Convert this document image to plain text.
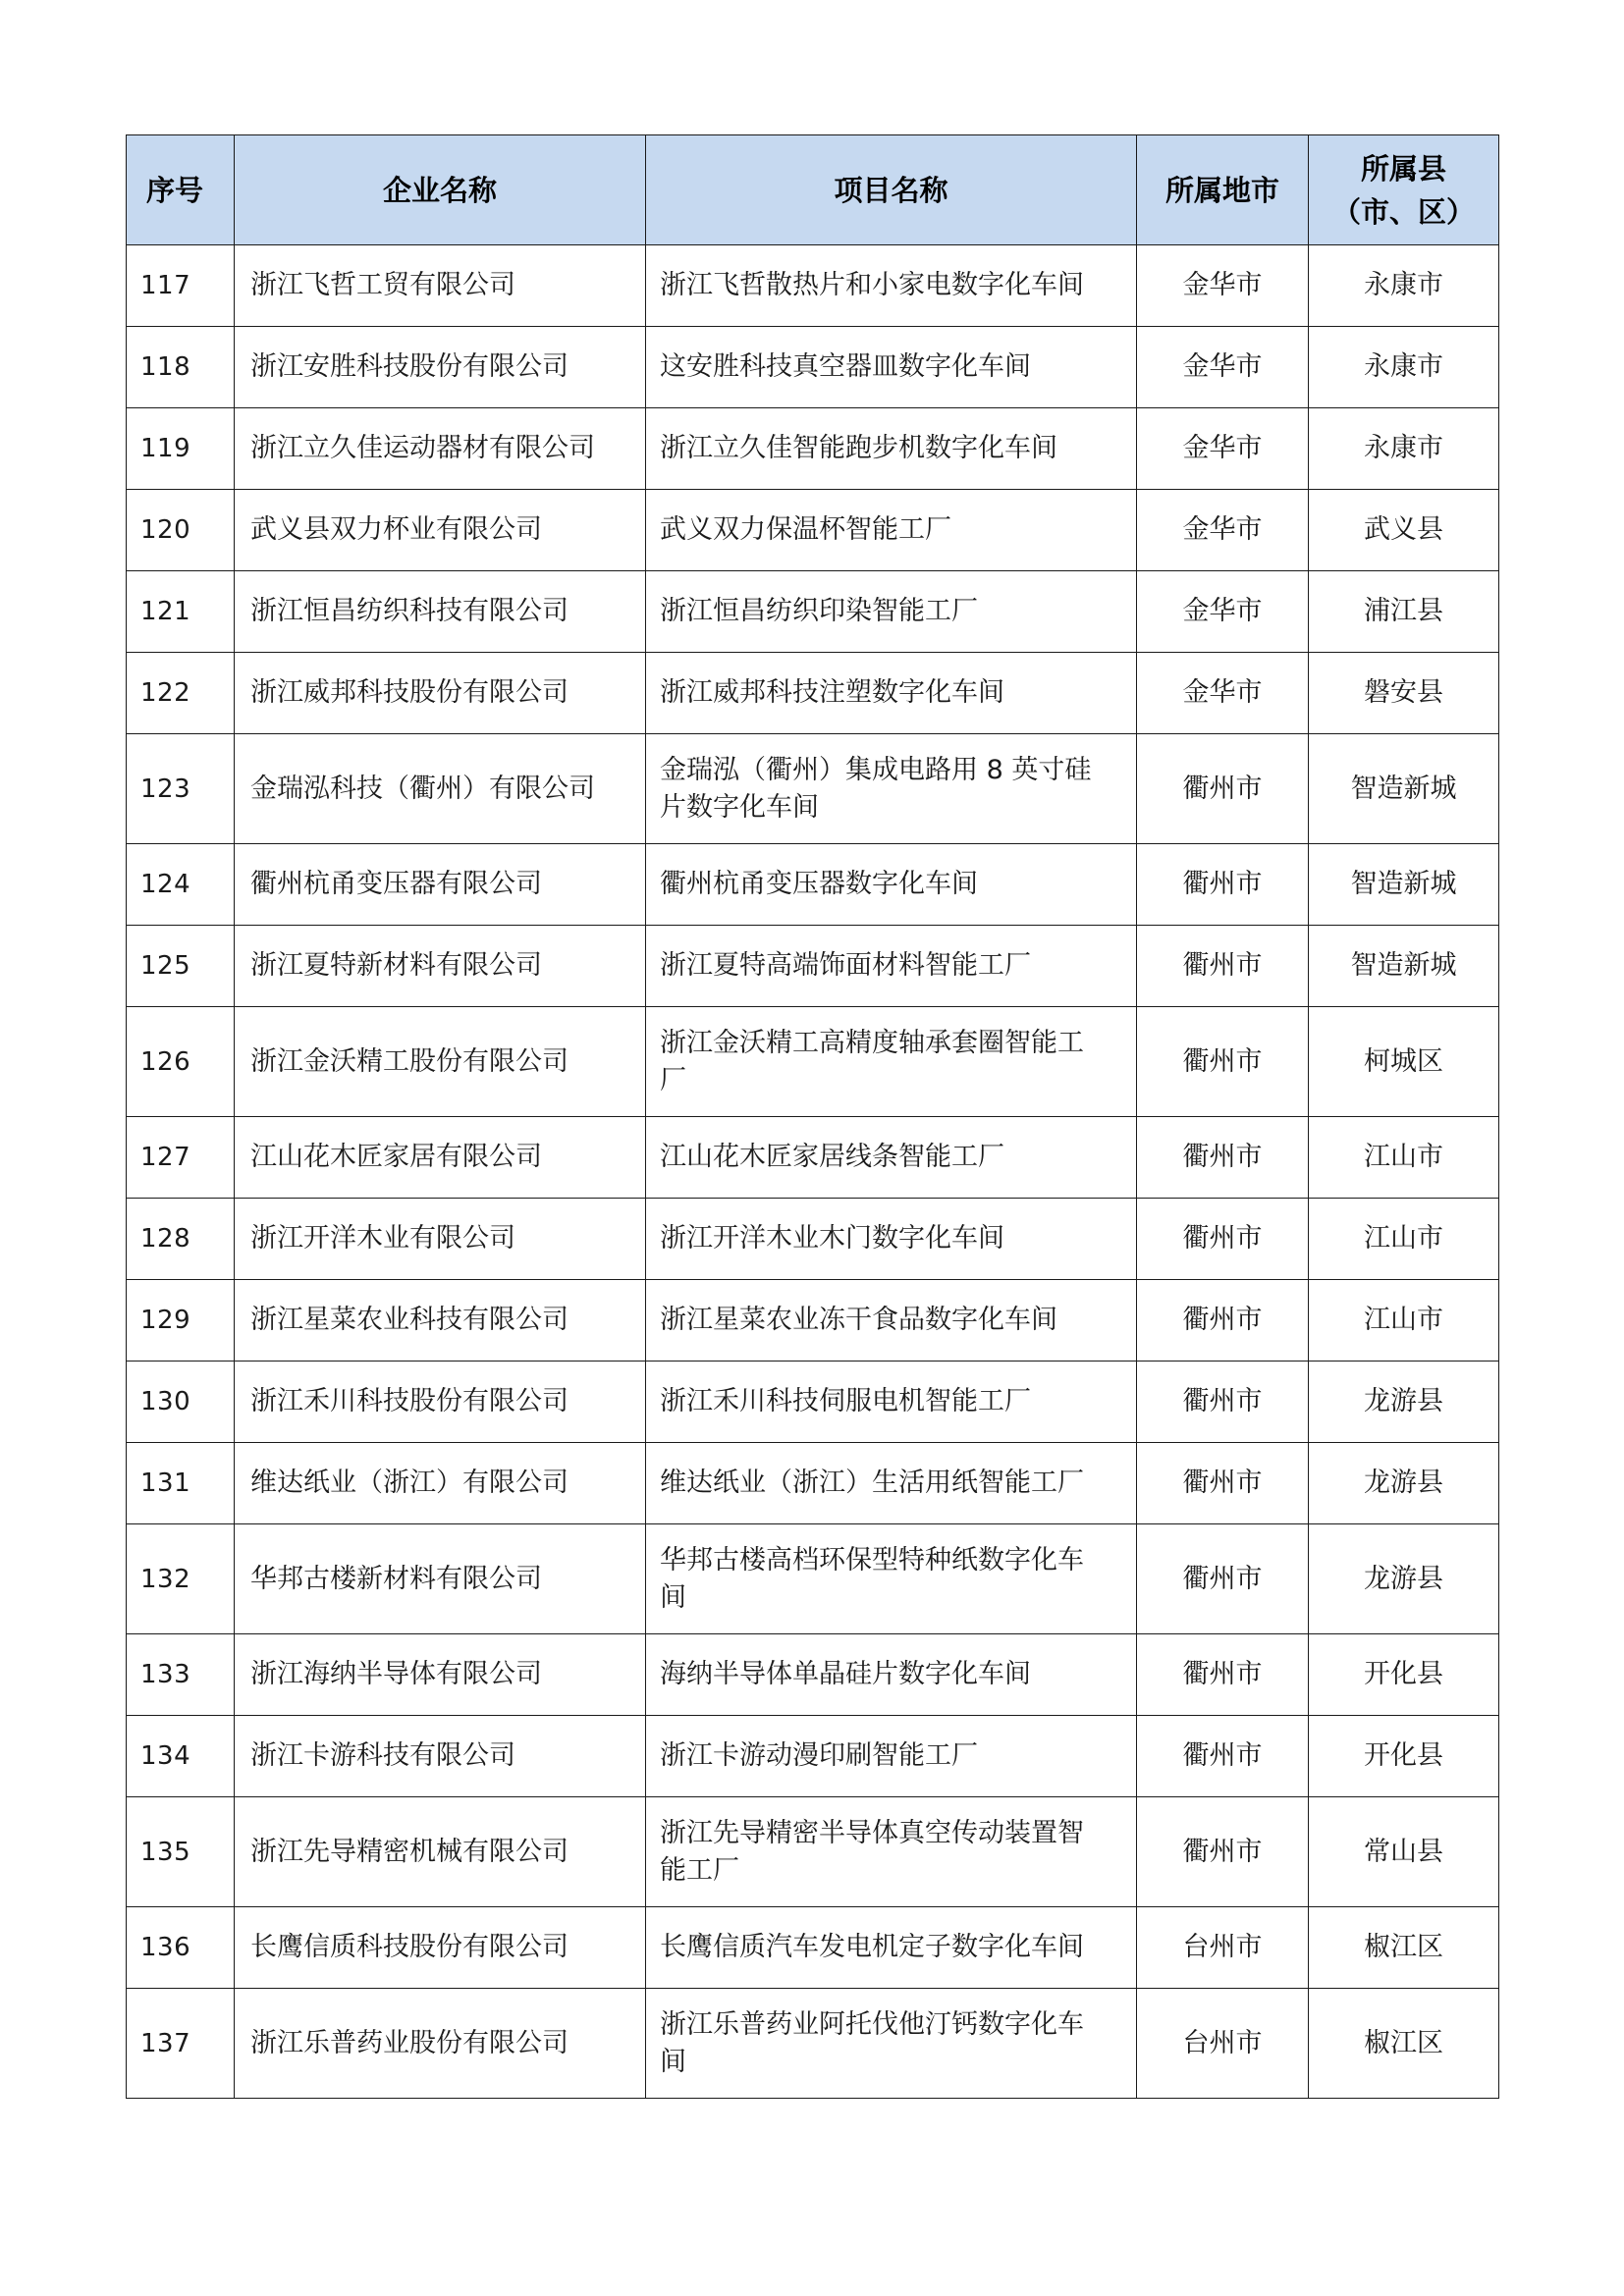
序号	企业名称	项目名称	所属地市	所属县
（市、区）

117	浙江飞哲工贸有限公司	浙江飞哲散热片和小家电数字化车间	金华市	永康市
118	浙江安胜科技股份有限公司	这安胜科技真空器皿数字化车间	金华市	永康市
119	浙江立久佳运动器材有限公司	浙江立久佳智能跑步机数字化车间	金华市	永康市
120	武义县双力杯业有限公司	武义双力保温杯智能工厂	金华市	武义县
121	浙江恒昌纺织科技有限公司	浙江恒昌纺织印染智能工厂	金华市	浦江县
122	浙江威邦科技股份有限公司	浙江威邦科技注塑数字化车间	金华市	磐安县
123	金瑞泓科技（衢州）有限公司	金瑞泓（衢州）集成电路用 8 英寸硅
片数字化车间	衢州市	智造新城
124	衢州杭甬变压器有限公司	衢州杭甬变压器数字化车间	衢州市	智造新城
125	浙江夏特新材料有限公司	浙江夏特高端饰面材料智能工厂	衢州市	智造新城
126	浙江金沃精工股份有限公司	浙江金沃精工高精度轴承套圈智能工
厂	衢州市	柯城区
127	江山花木匠家居有限公司	江山花木匠家居线条智能工厂	衢州市	江山市
128	浙江开洋木业有限公司	浙江开洋木业木门数字化车间	衢州市	江山市
129	浙江星菜农业科技有限公司	浙江星菜农业冻干食品数字化车间	衢州市	江山市
130	浙江禾川科技股份有限公司	浙江禾川科技伺服电机智能工厂	衢州市	龙游县
131	维达纸业（浙江）有限公司	维达纸业（浙江）生活用纸智能工厂	衢州市	龙游县
132	华邦古楼新材料有限公司	华邦古楼高档环保型特种纸数字化车
间	衢州市	龙游县
133	浙江海纳半导体有限公司	海纳半导体单晶硅片数字化车间	衢州市	开化县
134	浙江卡游科技有限公司	浙江卡游动漫印刷智能工厂	衢州市	开化县
135	浙江先导精密机械有限公司	浙江先导精密半导体真空传动装置智
能工厂	衢州市	常山县
136	长鹰信质科技股份有限公司	长鹰信质汽车发电机定子数字化车间	台州市	椒江区
137	浙江乐普药业股份有限公司	浙江乐普药业阿托伐他汀钙数字化车
间	台州市	椒江区
